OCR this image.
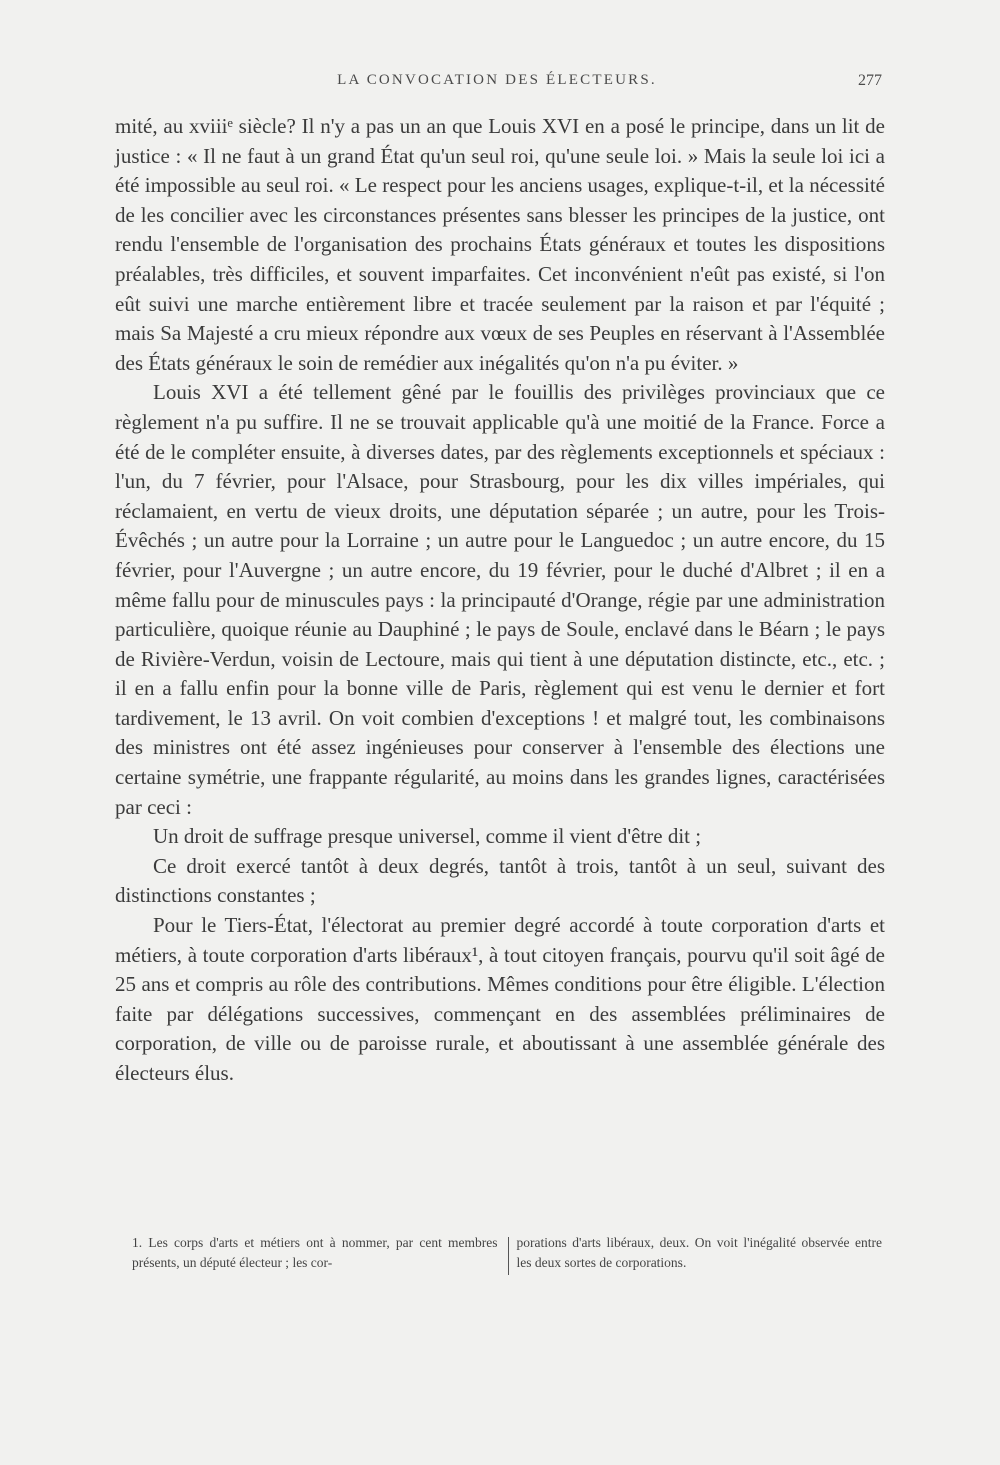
LA CONVOCATION DES ÉLECTEURS.	277

mité, au xviiiᵉ siècle? Il n'y a pas un an que Louis XVI en a posé le principe, dans un lit de justice : « Il ne faut à un grand État qu'un seul roi, qu'une seule loi. » Mais la seule loi ici a été impossible au seul roi. « Le respect pour les anciens usages, explique-t-il, et la nécessité de les concilier avec les circonstances présentes sans blesser les principes de la justice, ont rendu l'ensemble de l'organisation des prochains États généraux et toutes les dispositions préalables, très difficiles, et souvent imparfaites. Cet inconvénient n'eût pas existé, si l'on eût suivi une marche entièrement libre et tracée seulement par la raison et par l'équité ; mais Sa Majesté a cru mieux répondre aux vœux de ses Peuples en réservant à l'Assemblée des États généraux le soin de remédier aux inégalités qu'on n'a pu éviter. »

Louis XVI a été tellement gêné par le fouillis des privilèges provinciaux que ce règlement n'a pu suffire. Il ne se trouvait applicable qu'à une moitié de la France. Force a été de le compléter ensuite, à diverses dates, par des règlements exceptionnels et spéciaux : l'un, du 7 février, pour l'Alsace, pour Strasbourg, pour les dix villes impériales, qui réclamaient, en vertu de vieux droits, une députation séparée ; un autre, pour les Trois-Évêchés ; un autre pour la Lorraine ; un autre pour le Languedoc ; un autre encore, du 15 février, pour l'Auvergne ; un autre encore, du 19 février, pour le duché d'Albret ; il en a même fallu pour de minuscules pays : la principauté d'Orange, régie par une administration particulière, quoique réunie au Dauphiné ; le pays de Soule, enclavé dans le Béarn ; le pays de Rivière-Verdun, voisin de Lectoure, mais qui tient à une députation distincte, etc., etc. ; il en a fallu enfin pour la bonne ville de Paris, règlement qui est venu le dernier et fort tardivement, le 13 avril. On voit combien d'exceptions ! et malgré tout, les combinaisons des ministres ont été assez ingénieuses pour conserver à l'ensemble des élections une certaine symétrie, une frappante régularité, au moins dans les grandes lignes, caractérisées par ceci :

Un droit de suffrage presque universel, comme il vient d'être dit ;

Ce droit exercé tantôt à deux degrés, tantôt à trois, tantôt à un seul, suivant des distinctions constantes ;

Pour le Tiers-État, l'électorat au premier degré accordé à toute corporation d'arts et métiers, à toute corporation d'arts libéraux¹, à tout citoyen français, pourvu qu'il soit âgé de 25 ans et compris au rôle des contributions. Mêmes conditions pour être éligible. L'élection faite par délégations successives, commençant en des assemblées préliminaires de corporation, de ville ou de paroisse rurale, et aboutissant à une assemblée générale des électeurs élus.

1. Les corps d'arts et métiers ont à nommer, par cent membres présents, un député électeur ; les cor-
porations d'arts libéraux, deux. On voit l'inégalité observée entre les deux sortes de corporations.
